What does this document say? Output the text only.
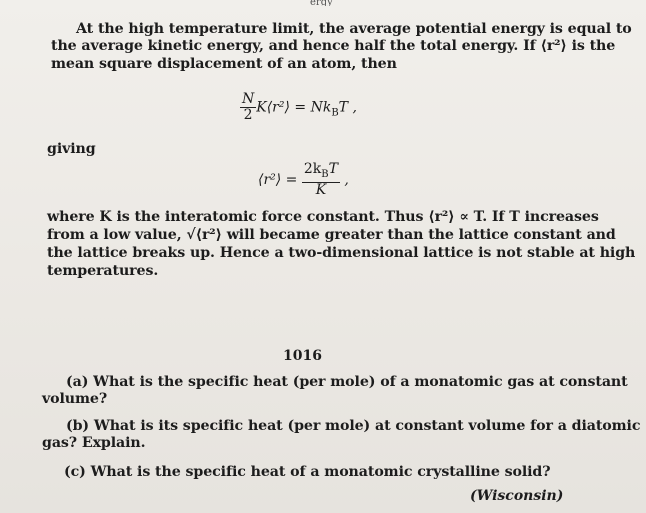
ergy
At the high temperature limit, the average potential energy is equal to
the average kinetic energy, and hence half the total energy. If ⟨r²⟩ is the
mean square displacement of an atom, then
$\frac{N}{2}$ K⟨r²⟩ = $Nk_BT$ ,
giving
⟨r²⟩ = $\frac{2k_BT}{K}$ ,
where K is the interatomic force constant. Thus ⟨r²⟩ ∝ T. If T increases
from a low value, √⟨r²⟩ will became greater than the lattice constant and
the lattice breaks up. Hence a two-dimensional lattice is not stable at high
temperatures.
1016
(a) What is the specific heat (per mole) of a monatomic gas at constant
volume?
(b) What is its specific heat (per mole) at constant volume for a diatomic
gas? Explain.
(c) What is the specific heat of a monatomic crystalline solid?
(Wisconsin)
